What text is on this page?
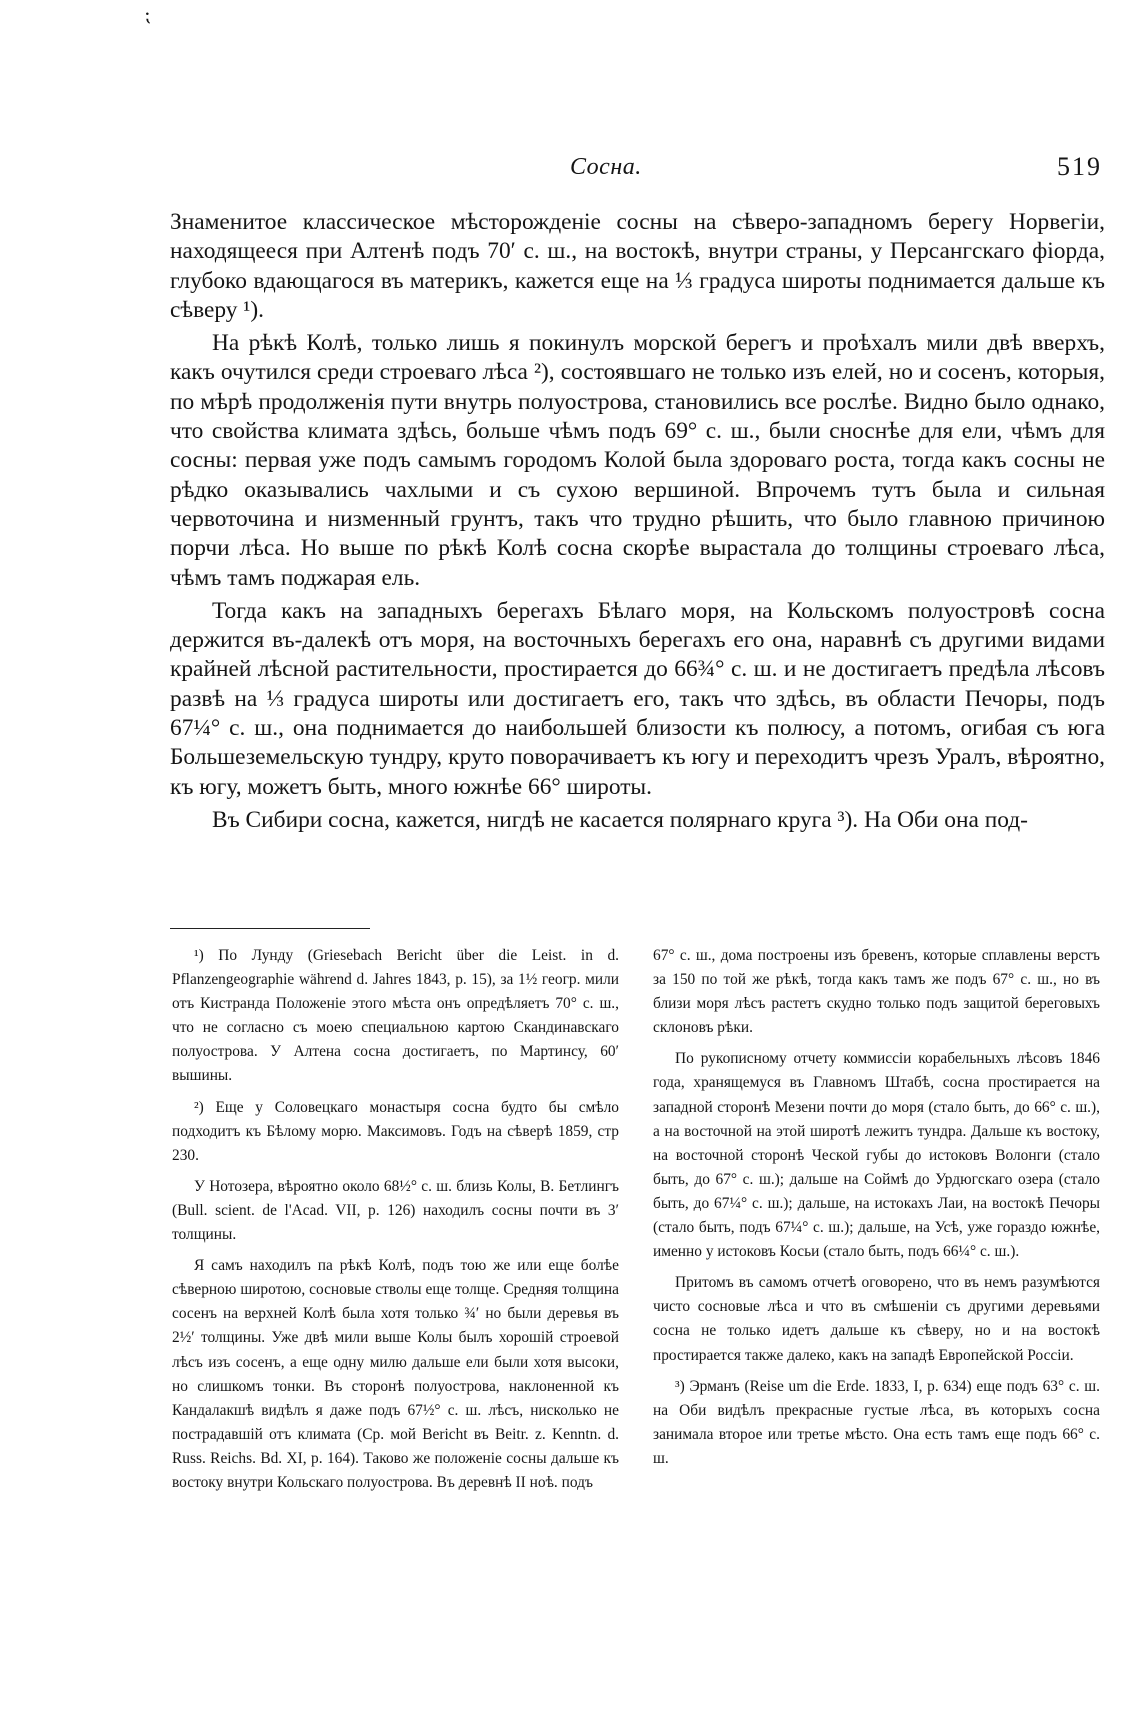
⁏
Сосна.	519

Знаменитое классическое мѣсторожденіе сосны на сѣверо-западномъ берегу Норвегіи, находящееся при Алтенѣ подъ 70′ с. ш., на востокѣ, внутри страны, у Персангскаго фіорда, глубоко вдающагося въ материкъ, кажется еще на ⅓ градуса широты поднимается дальше къ сѣверу ¹).

На рѣкѣ Колѣ, только лишь я покинулъ морской берегъ и проѣхалъ мили двѣ вверхъ, какъ очутился среди строеваго лѣса ²), состоявшаго не только изъ елей, но и сосенъ, которыя, по мѣрѣ продолженія пути внутрь полуострова, становились все рослѣе. Видно было однако, что свойства климата здѣсь, больше чѣмъ подъ 69° с. ш., были сноснѣе для ели, чѣмъ для сосны: первая уже подъ самымъ городомъ Колой была здороваго роста, тогда какъ сосны не рѣдко оказывались чахлыми и съ сухою вершиной. Впрочемъ тутъ была и сильная червоточина и низменный грунтъ, такъ что трудно рѣшить, что было главною причиною порчи лѣса. Но выше по рѣкѣ Колѣ сосна скорѣе вырастала до толщины строеваго лѣса, чѣмъ тамъ поджарая ель.

Тогда какъ на западныхъ берегахъ Бѣлаго моря, на Кольскомъ полуостровѣ сосна держится въ-далекѣ отъ моря, на восточныхъ берегахъ его она, наравнѣ съ другими видами крайней лѣсной растительности, простирается до 66¾° с. ш. и не достигаетъ предѣла лѣсовъ развѣ на ⅓ градуса широты или достигаетъ его, такъ что здѣсь, въ области Печоры, подъ 67¼° с. ш., она поднимается до наибольшей близости къ полюсу, а потомъ, огибая съ юга Большеземельскую тундру, круто поворачиваетъ къ югу и переходитъ чрезъ Уралъ, вѣроятно, къ югу, можетъ быть, много южнѣе 66° широты.

Въ Сибири сосна, кажется, нигдѣ не касается полярнаго круга ³). На Оби она под-

¹) По Лунду (Griesebach Bericht über die Leist. in d. Pflanzengeographie während d. Jahres 1843, p. 15), за 1½ геогр. мили отъ Кистранда Положеніе этого мѣста онъ опредѣляетъ 70° с. ш., что не согласно съ моею специальною картою Скандинавскаго полуострова. У Алтена сосна достигаетъ, по Мартинсу, 60′ вышины.

²) Еще у Соловецкаго монастыря сосна будто бы смѣло подходитъ къ Бѣлому морю. Максимовъ. Годъ на сѣверѣ 1859, стр 230.

У Нотозера, вѣроятно около 68½° с. ш. близь Колы, В. Бетлингъ (Bull. scient. de l'Acad. VII, p. 126) находилъ сосны почти въ 3′ толщины.

Я самъ находилъ па рѣкѣ Колѣ, подъ тою же или еще болѣе сѣверною широтою, сосновые стволы еще толще. Средняя толщина сосенъ на верхней Колѣ была хотя только ¾′ но были деревья въ 2½′ толщины. Уже двѣ мили выше Колы былъ хорошій строевой лѣсъ изъ сосенъ, а еще одну милю дальше ели были хотя высоки, но слишкомъ тонки. Въ сторонѣ полуострова, наклоненной къ Кандалакшѣ видѣлъ я даже подъ 67½° с. ш. лѣсъ, нисколько не пострадавшій отъ климата (Ср. мой Bericht въ Beitr. z. Kenntn. d. Russ. Reichs. Bd. XI, p. 164). Таково же положеніе сосны дальше къ востоку внутри Кольскаго полуострова. Въ деревнѣ II ноѣ. подъ

67° с. ш., дома построены изъ бревенъ, которые сплавлены верстъ за 150 по той же рѣкѣ, тогда какъ тамъ же подъ 67° с. ш., но въ близи моря лѣсъ растетъ скудно только подъ защитой береговыхъ склоновъ рѣки.

По рукописному отчету коммиссіи корабельныхъ лѣсовъ 1846 года, хранящемуся въ Главномъ Штабѣ, сосна простирается на западной сторонѣ Мезени почти до моря (стало быть, до 66° с. ш.), а на восточной на этой широтѣ лежитъ тундра. Дальше къ востоку, на восточной сторонѣ Ческой губы до истоковъ Волонги (стало быть, до 67° с. ш.); дальше на Соймѣ до Урдюгскаго озера (стало быть, до 67¼° с. ш.); дальше, на истокахъ Лаи, на востокѣ Печоры (стало быть, подъ 67¼° с. ш.); дальше, на Усѣ, уже гораздо южнѣе, именно у истоковъ Косьи (стало быть, подъ 66¼° с. ш.).

Притомъ въ самомъ отчетѣ оговорено, что въ немъ разумѣются чисто сосновые лѣса и что въ смѣшеніи съ другими деревьями сосна не только идетъ дальше къ сѣверу, но и на востокѣ простирается также далеко, какъ на западѣ Европейской Россіи.

³) Эрманъ (Reise um die Erde. 1833, I, p. 634) еще подъ 63° с. ш. на Оби видѣлъ прекрасные густые лѣса, въ которыхъ сосна занимала второе или третье мѣсто. Она есть тамъ еще подъ 66° с. ш.
